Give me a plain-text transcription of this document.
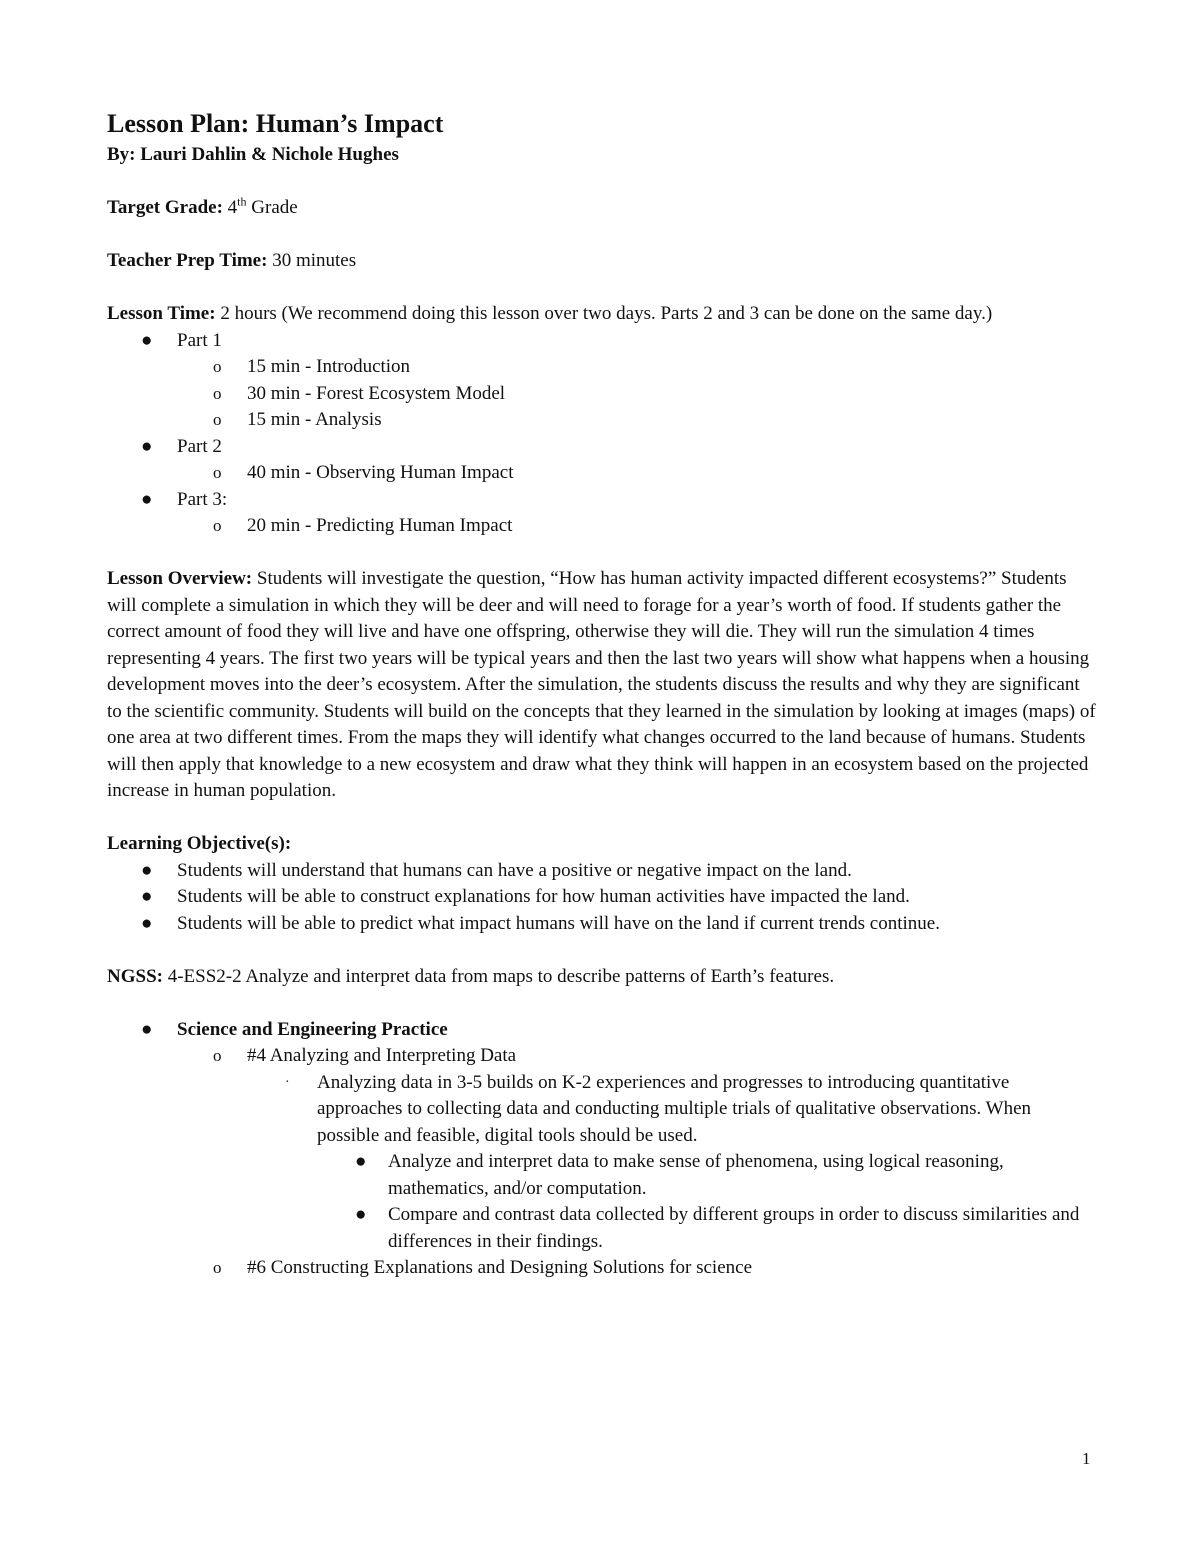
Lesson Plan: Human’s Impact

By: Lauri Dahlin & Nichole Hughes

Target Grade: 4th Grade

Teacher Prep Time: 30 minutes

Lesson Time: 2 hours (We recommend doing this lesson over two days. Parts 2 and 3 can be done on the same day.)

● Part 1
o 15 min - Introduction
o 30 min - Forest Ecosystem Model
o 15 min - Analysis
● Part 2
o 40 min - Observing Human Impact
● Part 3:
o 20 min - Predicting Human Impact

Lesson Overview: Students will investigate the question, “How has human activity impacted different ecosystems?” Students will complete a simulation in which they will be deer and will need to forage for a year’s worth of food. If students gather the correct amount of food they will live and have one offspring, otherwise they will die. They will run the simulation 4 times representing 4 years. The first two years will be typical years and then the last two years will show what happens when a housing development moves into the deer’s ecosystem. After the simulation, the students discuss the results and why they are significant to the scientific community. Students will build on the concepts that they learned in the simulation by looking at images (maps) of one area at two different times. From the maps they will identify what changes occurred to the land because of humans. Students will then apply that knowledge to a new ecosystem and draw what they think will happen in an ecosystem based on the projected increase in human population.

Learning Objective(s):

● Students will understand that humans can have a positive or negative impact on the land.
● Students will be able to construct explanations for how human activities have impacted the land.
● Students will be able to predict what impact humans will have on the land if current trends continue.

NGSS: 4-ESS2-2 Analyze and interpret data from maps to describe patterns of Earth’s features.

● Science and Engineering Practice
o #4 Analyzing and Interpreting Data
· Analyzing data in 3-5 builds on K-2 experiences and progresses to introducing quantitative approaches to collecting data and conducting multiple trials of qualitative observations. When possible and feasible, digital tools should be used.
● Analyze and interpret data to make sense of phenomena, using logical reasoning, mathematics, and/or computation.
● Compare and contrast data collected by different groups in order to discuss similarities and differences in their findings.
o #6 Constructing Explanations and Designing Solutions for science
1
